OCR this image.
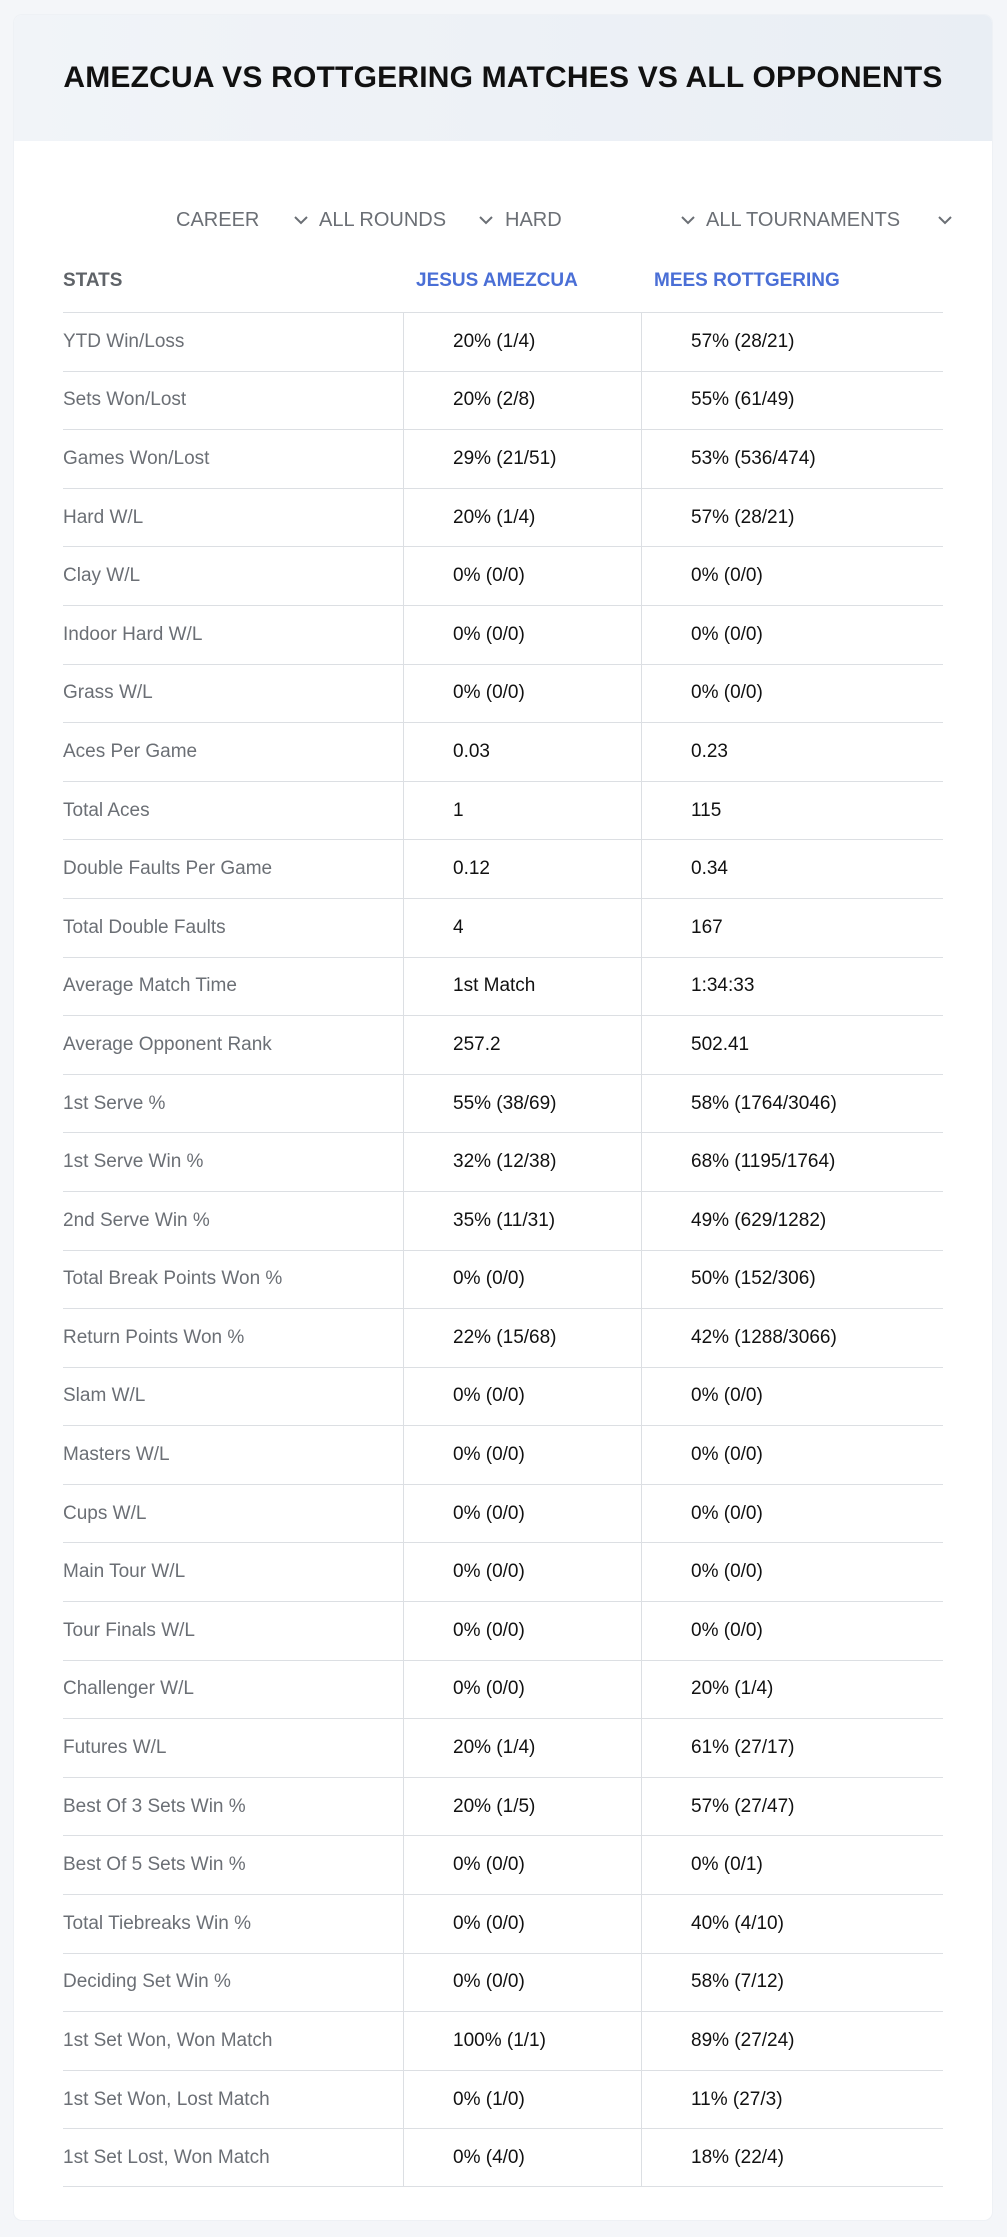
AMEZCUA VS ROTTGERING MATCHES VS ALL OPPONENTS
CAREER	ALL ROUNDS	HARD	ALL TOURNAMENTS
STATS	JESUS AMEZCUA	MEES ROTTGERING
YTD Win/Loss	20% (1/4)	57% (28/21)
Sets Won/Lost	20% (2/8)	55% (61/49)
Games Won/Lost	29% (21/51)	53% (536/474)
Hard W/L	20% (1/4)	57% (28/21)
Clay W/L	0% (0/0)	0% (0/0)
Indoor Hard W/L	0% (0/0)	0% (0/0)
Grass W/L	0% (0/0)	0% (0/0)
Aces Per Game	0.03	0.23
Total Aces	1	115
Double Faults Per Game	0.12	0.34
Total Double Faults	4	167
Average Match Time	1st Match	1:34:33
Average Opponent Rank	257.2	502.41
1st Serve %	55% (38/69)	58% (1764/3046)
1st Serve Win %	32% (12/38)	68% (1195/1764)
2nd Serve Win %	35% (11/31)	49% (629/1282)
Total Break Points Won %	0% (0/0)	50% (152/306)
Return Points Won %	22% (15/68)	42% (1288/3066)
Slam W/L	0% (0/0)	0% (0/0)
Masters W/L	0% (0/0)	0% (0/0)
Cups W/L	0% (0/0)	0% (0/0)
Main Tour W/L	0% (0/0)	0% (0/0)
Tour Finals W/L	0% (0/0)	0% (0/0)
Challenger W/L	0% (0/0)	20% (1/4)
Futures W/L	20% (1/4)	61% (27/17)
Best Of 3 Sets Win %	20% (1/5)	57% (27/47)
Best Of 5 Sets Win %	0% (0/0)	0% (0/1)
Total Tiebreaks Win %	0% (0/0)	40% (4/10)
Deciding Set Win %	0% (0/0)	58% (7/12)
1st Set Won, Won Match	100% (1/1)	89% (27/24)
1st Set Won, Lost Match	0% (1/0)	11% (27/3)
1st Set Lost, Won Match	0% (4/0)	18% (22/4)
